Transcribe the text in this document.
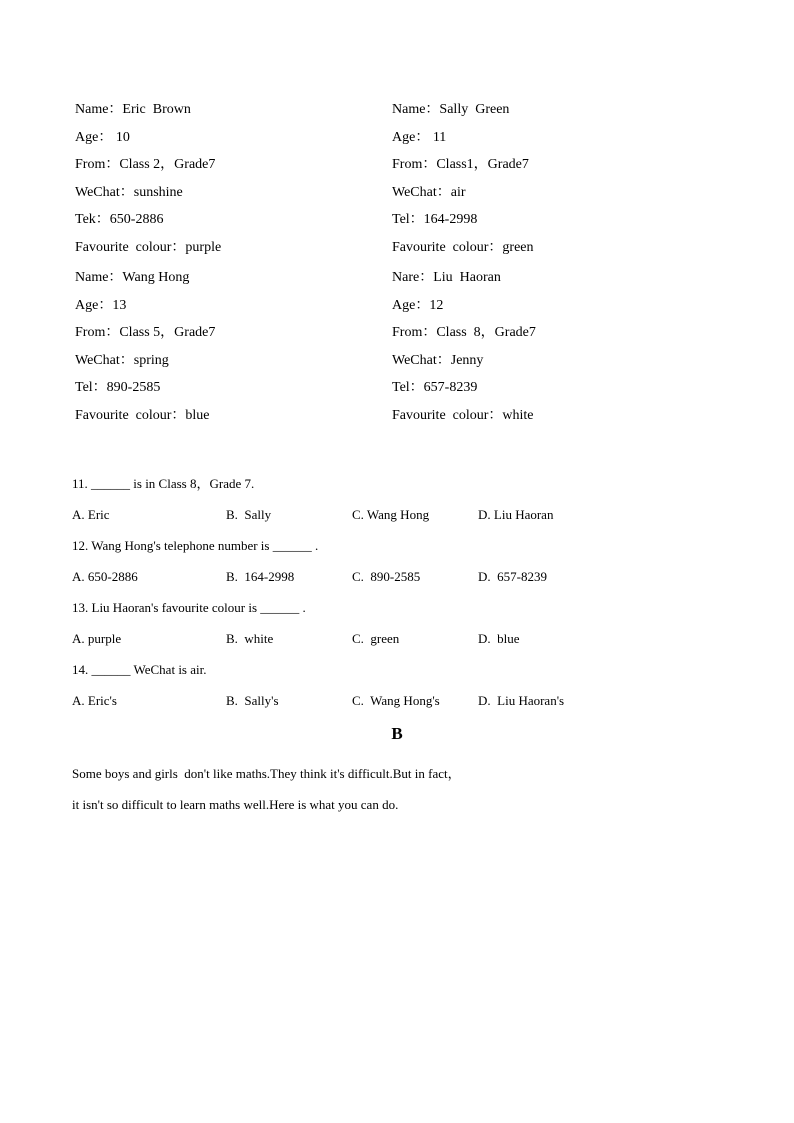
Name：Eric  Brown
Age： 10
From：Class 2，Grade7
WeChat：sunshine
Tek：650-2886
Favourite  colour：purple
Name：Sally  Green
Age： 11
From：Class1，Grade7
WeChat：air
Tel：164-2998
Favourite  colour：green
Name：Wang Hong
Age：13
From：Class 5，Grade7
WeChat：spring
Tel：890-2585
Favourite  colour：blue
Nare：Liu  Haoran
Age：12
From：Class  8，Grade7
WeChat：Jenny
Tel：657-8239
Favourite  colour：white
11. ______ is in Class 8，Grade 7.
A. Eric	B.  Sally	C. Wang Hong	D. Liu Haoran
12. Wang Hong's telephone number is ______ .
A. 650-2886	B.  164-2998	C.  890-2585	D.  657-8239
13. Liu Haoran's favourite colour is ______ .
A. purple	B.  white	C.  green	D.  blue
14. ______ WeChat is air.
A. Eric's	B.  Sally's	C.  Wang Hong's	D.  Liu Haoran's
B
Some boys and girls  don't like maths.They think it's difficult.But in fact，
it isn't so difficult to learn maths well.Here is what you can do.
